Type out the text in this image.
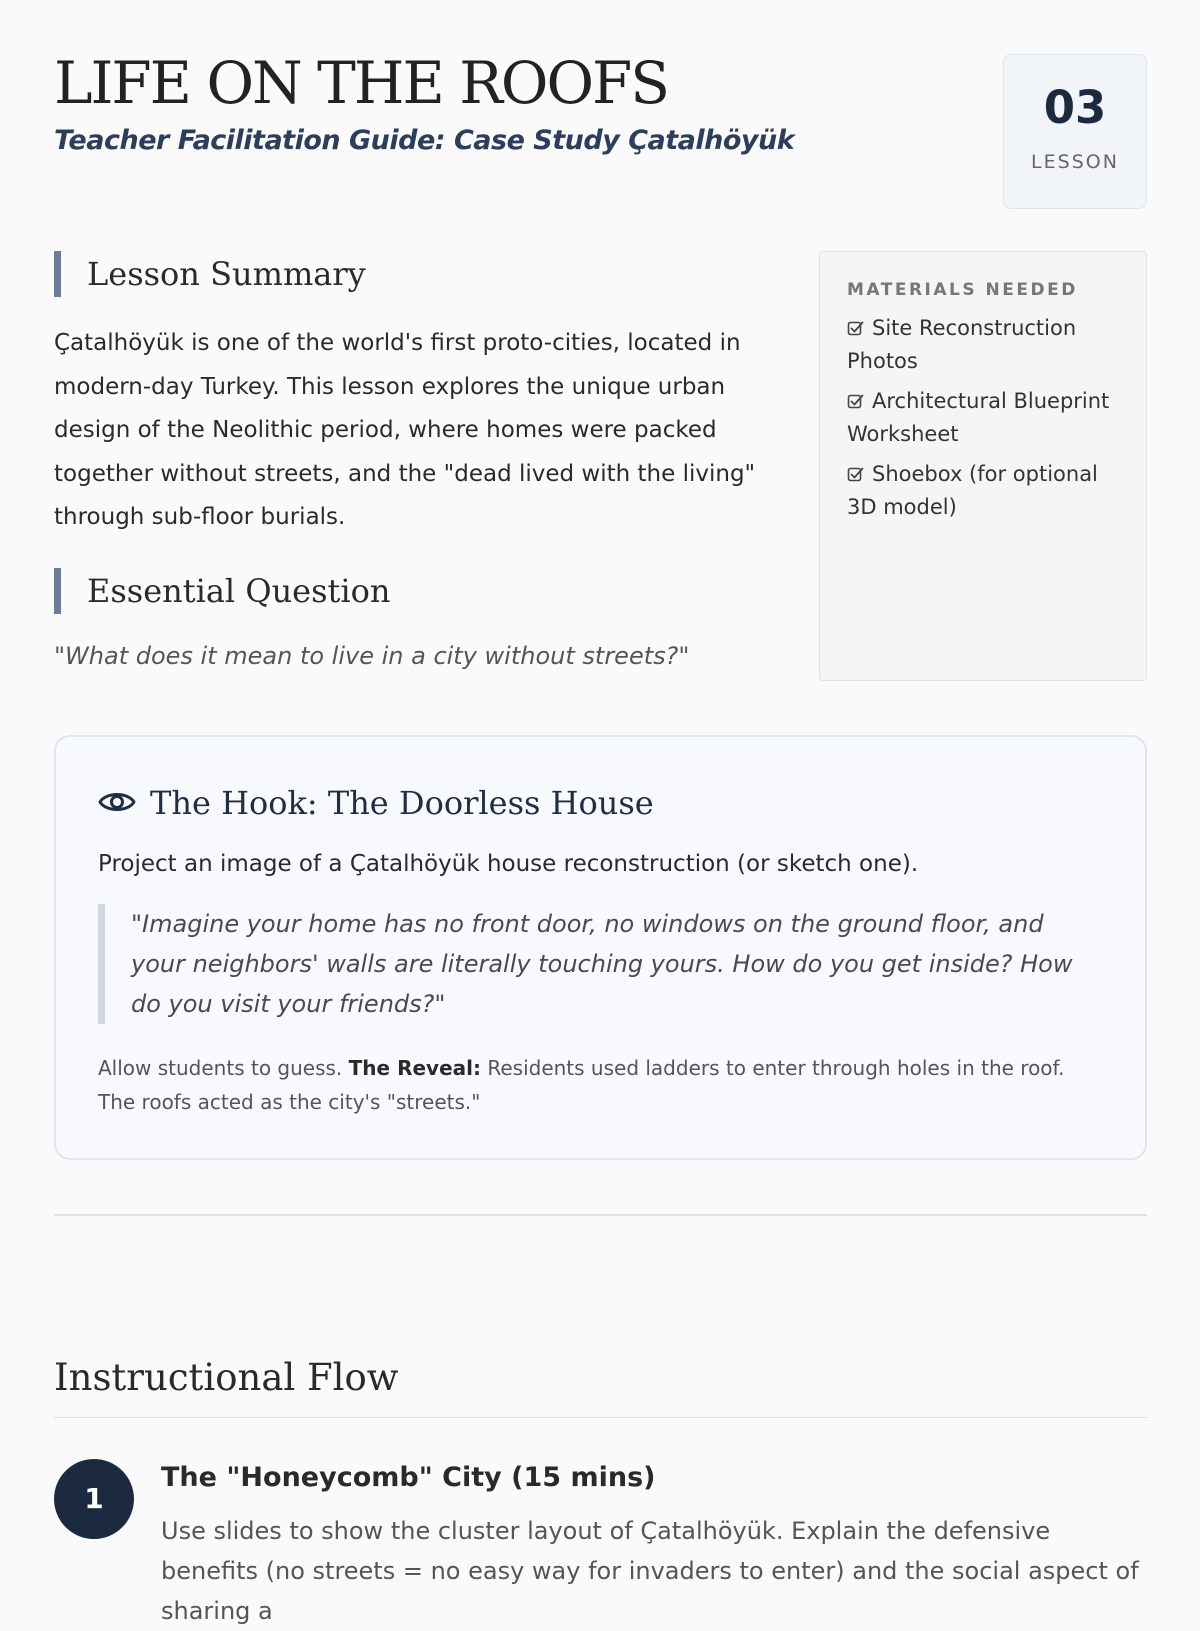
LIFE ON THE ROOFS

Teacher Facilitation Guide: Case Study Çatalhöyük

03
LESSON
Lesson Summary

Çatalhöyük is one of the world's first proto-cities, located in modern-day Turkey. This lesson explores the unique urban design of the Neolithic period, where homes were packed together without streets, and the "dead lived with the living" through sub-floor burials.

Essential Question

"What does it mean to live in a city without streets?"

MATERIALS NEEDED
Site Reconstruction Photos
Architectural Blueprint Worksheet
Shoebox (for optional 3D model)
The Hook: The Doorless House

Project an image of a Çatalhöyük house reconstruction (or sketch one).

"Imagine your home has no front door, no windows on the ground floor, and your neighbors' walls are literally touching yours. How do you get inside? How do you visit your friends?"

Allow students to guess. The Reveal: Residents used ladders to enter through holes in the roof. The roofs acted as the city's "streets."

Instructional Flow
1
The "Honeycomb" City (15 mins)

Use slides to show the cluster layout of Çatalhöyük. Explain the defensive benefits (no streets = no easy way for invaders to enter) and the social aspect of sharing a
